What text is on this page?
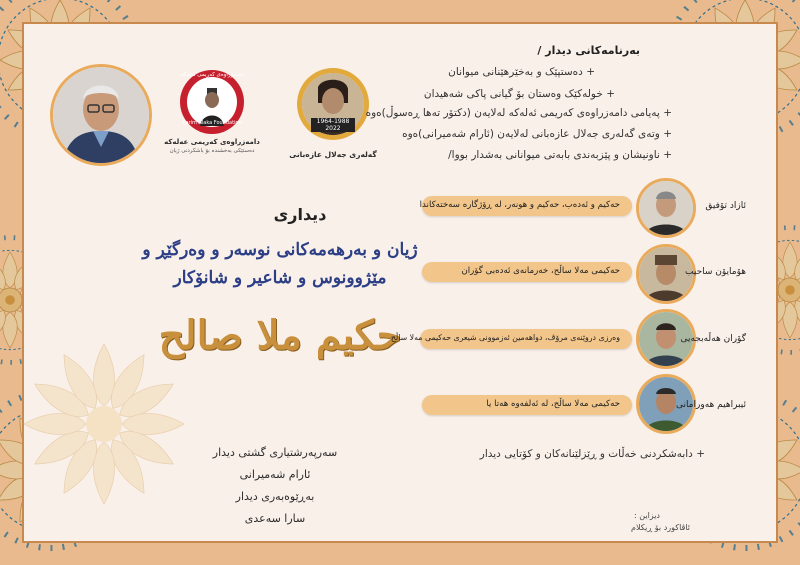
دامەزراوەی کەریمی ئەلەکە
Karim Alaka Foundation
دامەزراوەی کەریمی عەلەکە
دەستێکی بەخشندە بۆ باشکردنی ژیان
1964-1988
2022
گەلەری جەلال عازەبانی
بەرنامەکانی دیدار /
+ دەستپێک و بەخێرهێنانی میوانان
+ خولەکێک وەستان بۆ گیانی پاکی شەهیدان
+ پەیامی دامەزراوەی کەریمی ئەلەکە لەلایەن (دکتۆر تەها ڕەسوڵ)ەوە
+ وتەی گەلەری جەلال عازەبانی لەلایەن (ئارام شەمیرانی)ەوە
+ ناونیشان و پێزبەندی بابەتی میوانانی بەشدار بووا/
دیداری
ژیان و بەرهەمەکانی نوسەر و وەرگێڕ و
مێژوونوس و شاعیر و شانۆکار
حکیم ملا صالح
سەرپەرشتیاری گشتی دیدار
ئارام شەمیرانی
بەڕێوەبەری دیدار
سارا سەعدی
حەکیم و ئەدەب، حەکیم و هونەر، لە ڕۆژگارە سەختەکاندا	ئازاد تۆفیق
حەکیمی مەلا ساڵح، خەرمانەی ئەدەبی گۆران	هۆمایۆن ساحیب
وەرزی دروێنەی مرۆڤ، دواهەمین ئەزموونی شیعری حەکیمی مەلا ساڵح	گۆران هەڵەبجەیی
حەکیمی مەلا ساڵح، لە ئەلفەوە هەتا یا	ئیبراهیم هەورامانی
+ دابەشکردنی خەڵات و ڕێزلێنانەکان و کۆتایی دیدار
دیزاین :
ئاڤاکورد بۆ ڕیکلام
